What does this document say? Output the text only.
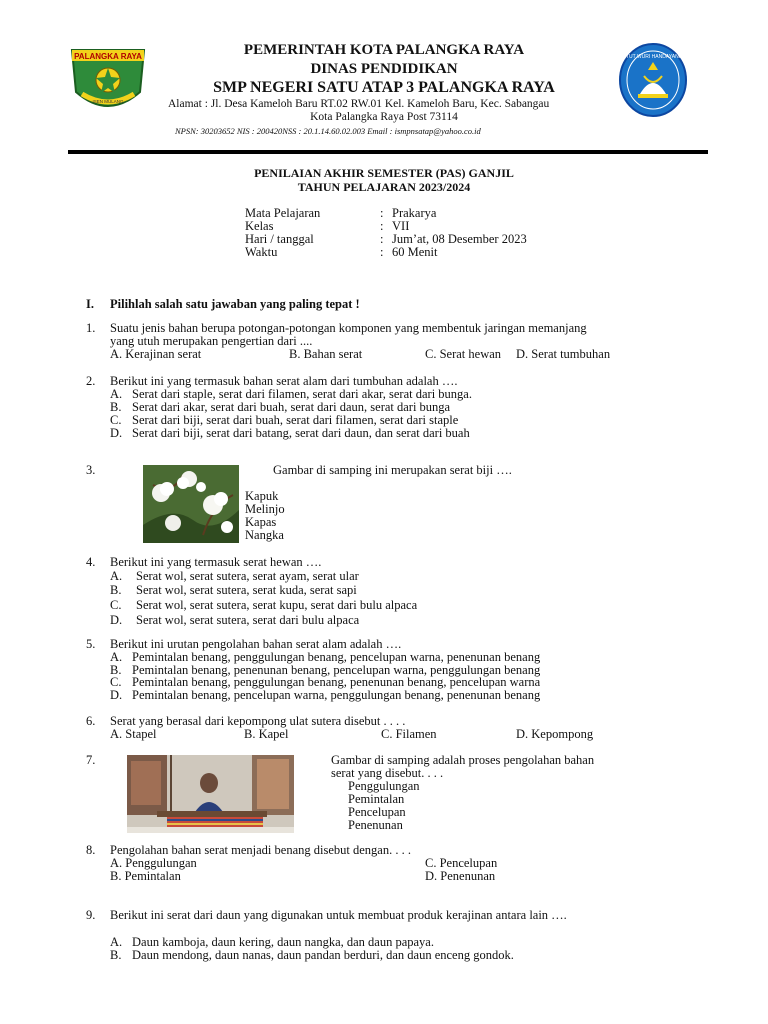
PALANGKA RAYA
ISEN MULANG
TUT WURI HANDAYANI
PEMERINTAH KOTA PALANGKA RAYA
DINAS PENDIDIKAN
SMP NEGERI SATU ATAP 3 PALANGKA RAYA
Alamat : Jl. Desa Kameloh Baru RT.02 RW.01 Kel. Kameloh Baru, Kec. Sabangau
Kota Palangka Raya Post 73114
NPSN: 30203652 NIS : 200420NSS : 20.1.14.60.02.003 Email : ismpnsatap@yahoo.co.id
PENILAIAN AKHIR SEMESTER (PAS) GANJIL
TAHUN PELAJARAN 2023/2024
Mata Pelajaran	: Prakarya
Kelas	: VII
Hari / tanggal	: Jum’at, 08 Desember 2023
Waktu	: 60 Menit
I. Pilihlah salah satu jawaban yang paling tepat !
1. Suatu jenis bahan berupa potongan-potongan komponen yang membentuk jaringan memanjang
yang utuh merupakan pengertian dari ....
A. Kerajinan serat	B. Bahan serat	C. Serat hewan D. Serat tumbuhan
2. Berikut ini yang termasuk bahan serat alam dari tumbuhan adalah ….
A. Serat dari staple, serat dari filamen, serat dari akar, serat dari bunga.
B. Serat dari akar, serat dari buah, serat dari daun, serat dari bunga
C. Serat dari biji, serat dari buah, serat dari filamen, serat dari staple
D. Serat dari biji, serat dari batang, serat dari daun, dan serat dari buah
3.	Gambar di samping ini merupakan serat biji ….
Kapuk
Melinjo
Kapas
Nangka
4. Berikut ini yang termasuk serat hewan ….
A. Serat wol, serat sutera, serat ayam, serat ular
B. Serat wol, serat sutera, serat kuda, serat sapi
C. Serat wol, serat sutera, serat kupu, serat dari bulu alpaca
D. Serat wol, serat sutera, serat dari bulu alpaca
5. Berikut ini urutan pengolahan bahan serat alam adalah ….
A. Pemintalan benang, penggulungan benang, pencelupan warna, penenunan benang
B. Pemintalan benang, penenunan benang, pencelupan warna, penggulungan benang
C. Pemintalan benang, penggulungan benang, penenunan benang, pencelupan warna
D. Pemintalan benang, pencelupan warna, penggulungan benang, penenunan benang
6. Serat yang berasal dari kepompong ulat sutera disebut . . . .
A. Stapel	B. Kapel	C. Filamen	D. Kepompong
7.	Gambar di samping adalah proses pengolahan bahan
serat yang disebut. . . .
Penggulungan
Pemintalan
Pencelupan
Penenunan
8. Pengolahan bahan serat menjadi benang disebut dengan. . . .
A. Penggulungan
B. Pemintalan
C. Pencelupan
D. Penenunan
9. Berikut ini serat dari daun yang digunakan untuk membuat produk kerajinan antara lain ….
A. Daun kamboja, daun kering, daun nangka, dan daun papaya.
B. Daun mendong, daun nanas, daun pandan berduri, dan daun enceng gondok.
